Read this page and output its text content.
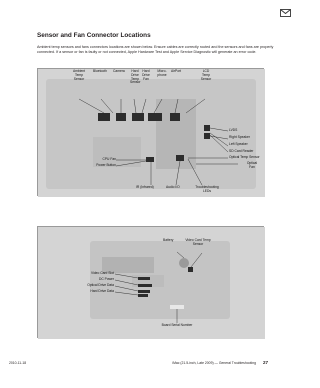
Sensor and Fan Connector Locations

Ambient temp sensors and fans connectors locations are shown below. Ensure cables are correctly routed and the sensors and fans are properly connected. If a sensor or fan is faulty or not connected, Apple Hardware Test and Apple Service Diagnostic will generate an error code.

Ambient Temp Sensor
Bluetooth Camera	Hard Drive Temp Sensor
Hard Drive Fan
Micro- phone
AirPort	LCD Temp Sensor
LVDS
Right Speaker
Left Speaker
SD Card Reader
Optical Temp Sensor
Optical Fan
CPU Fan
Power Button
IR (Infrared)	Audio I/O	Troubleshooting LEDs
Battery	Video Card Temp Sensor
Video Card Slot
DC Power
Optical Drive Data
Hard Drive Data
Board Serial Number
2010-11-18	iMac (21.5-inch, Late 2009) — General Troubleshooting 27
